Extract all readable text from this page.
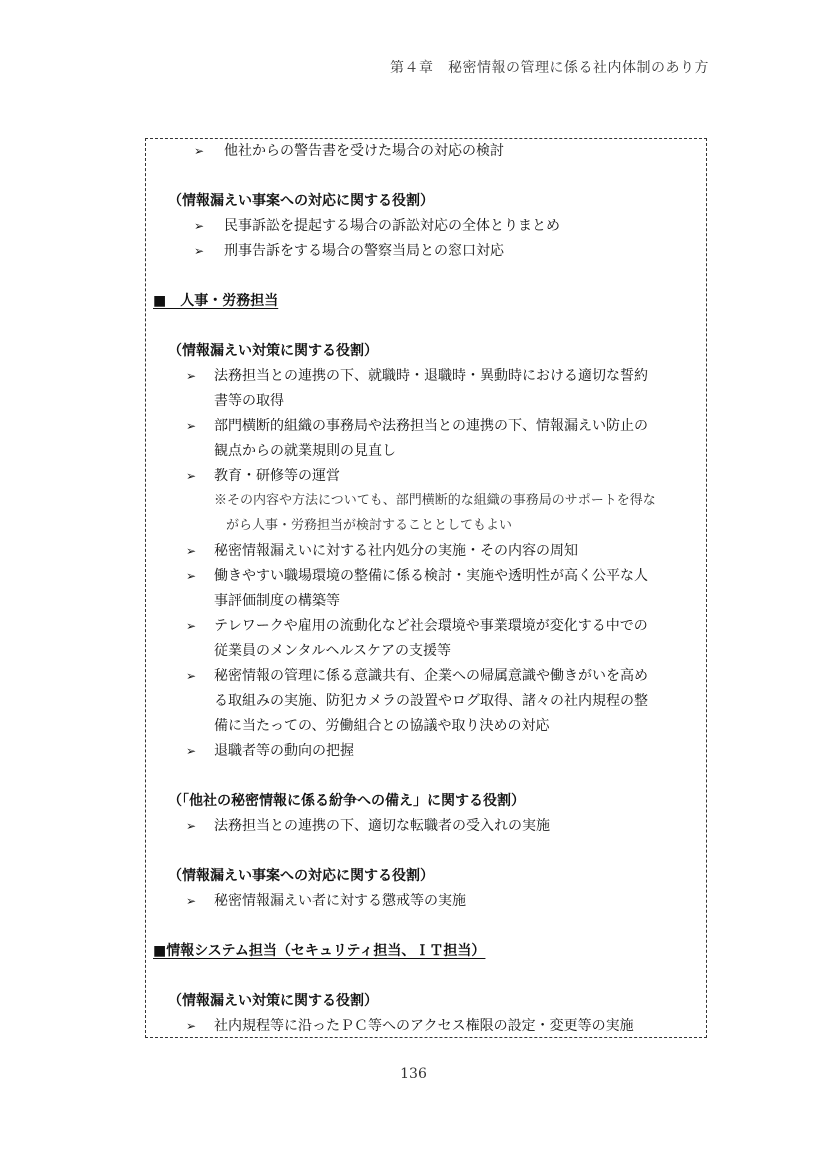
第４章　秘密情報の管理に係る社内体制のあり方
➢ 他社からの警告書を受けた場合の対応の検討
（情報漏えい事案への対応に関する役割）
➢ 民事訴訟を提起する場合の訴訟対応の全体とりまとめ
➢ 刑事告訴をする場合の警察当局との窓口対応
■　人事・労務担当
（情報漏えい対策に関する役割）
➢ 法務担当との連携の下、就職時・退職時・異動時における適切な誓約
書等の取得
➢ 部門横断的組織の事務局や法務担当との連携の下、情報漏えい防止の
観点からの就業規則の見直し
➢ 教育・研修等の運営
※その内容や方法についても、部門横断的な組織の事務局のサポートを得な
がら人事・労務担当が検討することとしてもよい
➢ 秘密情報漏えいに対する社内処分の実施・その内容の周知
➢ 働きやすい職場環境の整備に係る検討・実施や透明性が高く公平な人
事評価制度の構築等
➢ テレワークや雇用の流動化など社会環境や事業環境が変化する中での
従業員のメンタルヘルスケアの支援等
➢ 秘密情報の管理に係る意識共有、企業への帰属意識や働きがいを高め
る取組みの実施、防犯カメラの設置やログ取得、諸々の社内規程の整
備に当たっての、労働組合との協議や取り決めの対応
➢ 退職者等の動向の把握
（「他社の秘密情報に係る紛争への備え」に関する役割）
➢ 法務担当との連携の下、適切な転職者の受入れの実施
（情報漏えい事案への対応に関する役割）
➢ 秘密情報漏えい者に対する懲戒等の実施
■情報システム担当（セキュリティ担当、ＩＴ担当）
（情報漏えい対策に関する役割）
➢ 社内規程等に沿ったＰＣ等へのアクセス権限の設定・変更等の実施
136
